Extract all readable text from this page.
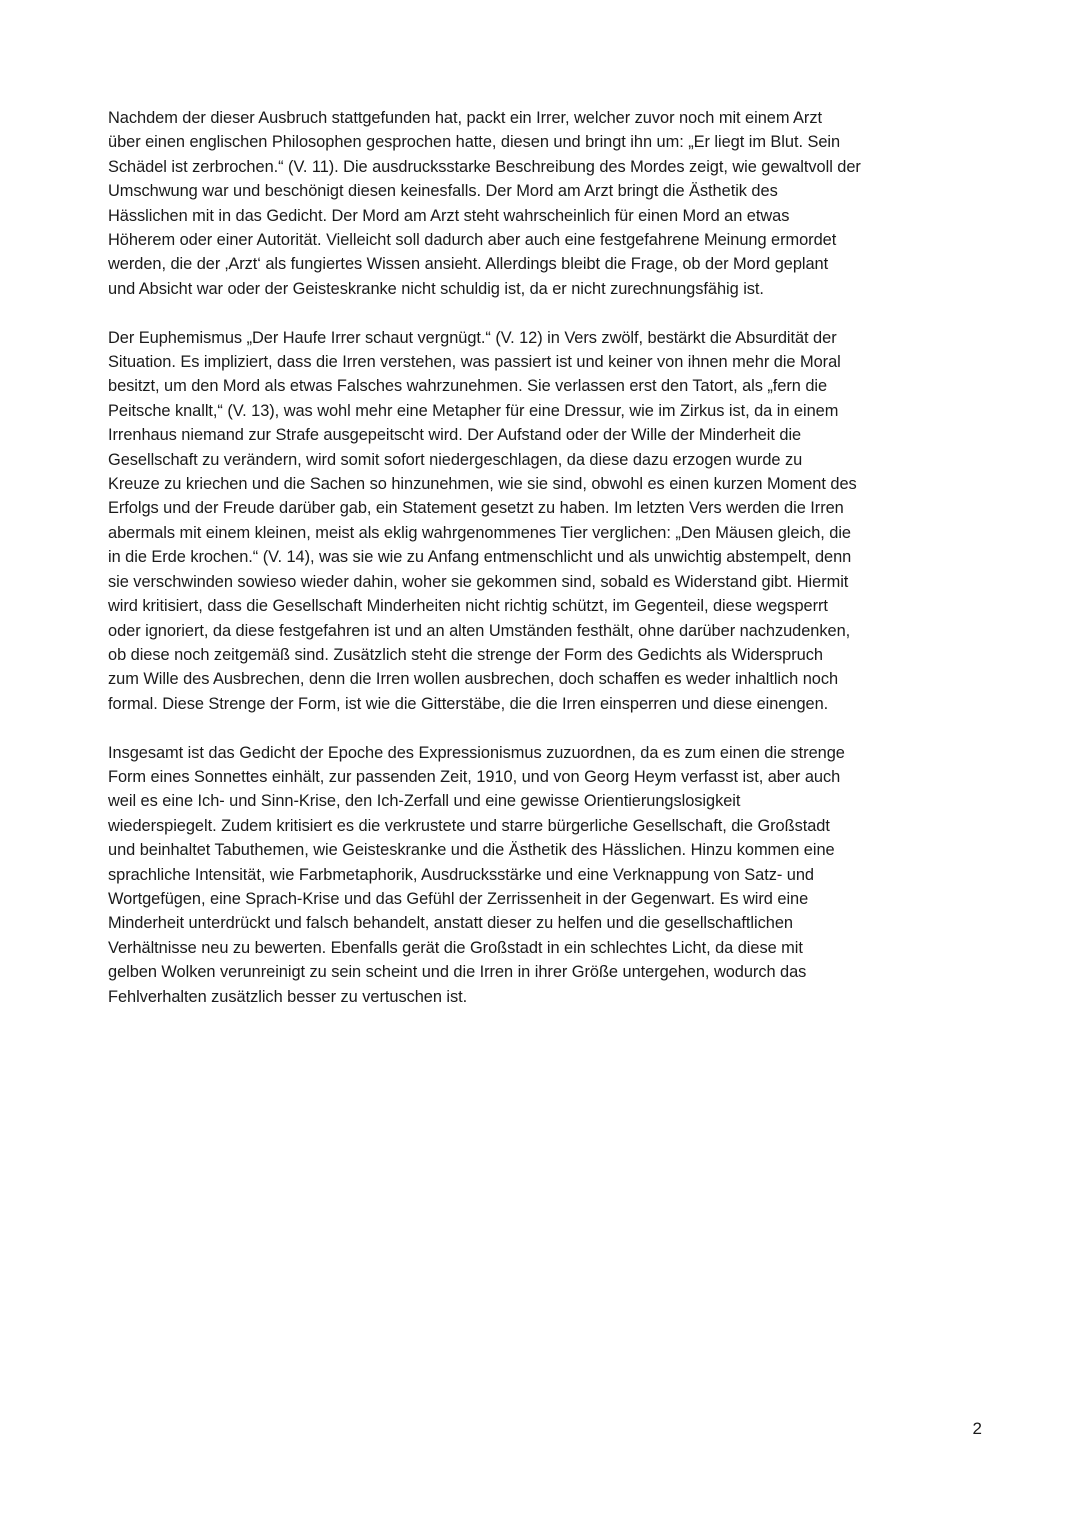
Nachdem der dieser Ausbruch stattgefunden hat, packt ein Irrer, welcher zuvor noch mit einem Arzt
über einen englischen Philosophen gesprochen hatte, diesen und bringt ihn um: „Er liegt im Blut. Sein
Schädel ist zerbrochen.“ (V. 11). Die ausdrucksstarke Beschreibung des Mordes zeigt, wie gewaltvoll der
Umschwung war und beschönigt diesen keinesfalls. Der Mord am Arzt bringt die Ästhetik des
Hässlichen mit in das Gedicht. Der Mord am Arzt steht wahrscheinlich für einen Mord an etwas
Höherem oder einer Autorität. Vielleicht soll dadurch aber auch eine festgefahrene Meinung ermordet
werden, die der ‚Arzt‘ als fungiertes Wissen ansieht. Allerdings bleibt die Frage, ob der Mord geplant
und Absicht war oder der Geisteskranke nicht schuldig ist, da er nicht zurechnungsfähig ist.

Der Euphemismus „Der Haufe Irrer schaut vergnügt.“ (V. 12) in Vers zwölf, bestärkt die Absurdität der
Situation. Es impliziert, dass die Irren verstehen, was passiert ist und keiner von ihnen mehr die Moral
besitzt, um den Mord als etwas Falsches wahrzunehmen. Sie verlassen erst den Tatort, als „fern die
Peitsche knallt,“ (V. 13), was wohl mehr eine Metapher für eine Dressur, wie im Zirkus ist, da in einem
Irrenhaus niemand zur Strafe ausgepeitscht wird. Der Aufstand oder der Wille der Minderheit die
Gesellschaft zu verändern, wird somit sofort niedergeschlagen, da diese dazu erzogen wurde zu
Kreuze zu kriechen und die Sachen so hinzunehmen, wie sie sind, obwohl es einen kurzen Moment des
Erfolgs und der Freude darüber gab, ein Statement gesetzt zu haben. Im letzten Vers werden die Irren
abermals mit einem kleinen, meist als eklig wahrgenommenes Tier verglichen: „Den Mäusen gleich, die
in die Erde krochen.“ (V. 14), was sie wie zu Anfang entmenschlicht und als unwichtig abstempelt, denn
sie verschwinden sowieso wieder dahin, woher sie gekommen sind, sobald es Widerstand gibt. Hiermit
wird kritisiert, dass die Gesellschaft Minderheiten nicht richtig schützt, im Gegenteil, diese wegsperrt
oder ignoriert, da diese festgefahren ist und an alten Umständen festhält, ohne darüber nachzudenken,
ob diese noch zeitgemäß sind. Zusätzlich steht die strenge der Form des Gedichts als Widerspruch
zum Wille des Ausbrechen, denn die Irren wollen ausbrechen, doch schaffen es weder inhaltlich noch
formal. Diese Strenge der Form, ist wie die Gitterstäbe, die die Irren einsperren und diese einengen.

Insgesamt ist das Gedicht der Epoche des Expressionismus zuzuordnen, da es zum einen die strenge
Form eines Sonnettes einhält, zur passenden Zeit, 1910, und von Georg Heym verfasst ist, aber auch
weil es eine Ich- und Sinn-Krise, den Ich-Zerfall und eine gewisse Orientierungslosigkeit
wiederspiegelt. Zudem kritisiert es die verkrustete und starre bürgerliche Gesellschaft, die Großstadt
und beinhaltet Tabuthemen, wie Geisteskranke und die Ästhetik des Hässlichen. Hinzu kommen eine
sprachliche Intensität, wie Farbmetaphorik, Ausdrucksstärke und eine Verknappung von Satz- und
Wortgefügen, eine Sprach-Krise und das Gefühl der Zerrissenheit in der Gegenwart. Es wird eine
Minderheit unterdrückt und falsch behandelt, anstatt dieser zu helfen und die gesellschaftlichen
Verhältnisse neu zu bewerten. Ebenfalls gerät die Großstadt in ein schlechtes Licht, da diese mit
gelben Wolken verunreinigt zu sein scheint und die Irren in ihrer Größe untergehen, wodurch das
Fehlverhalten zusätzlich besser zu vertuschen ist.

2
